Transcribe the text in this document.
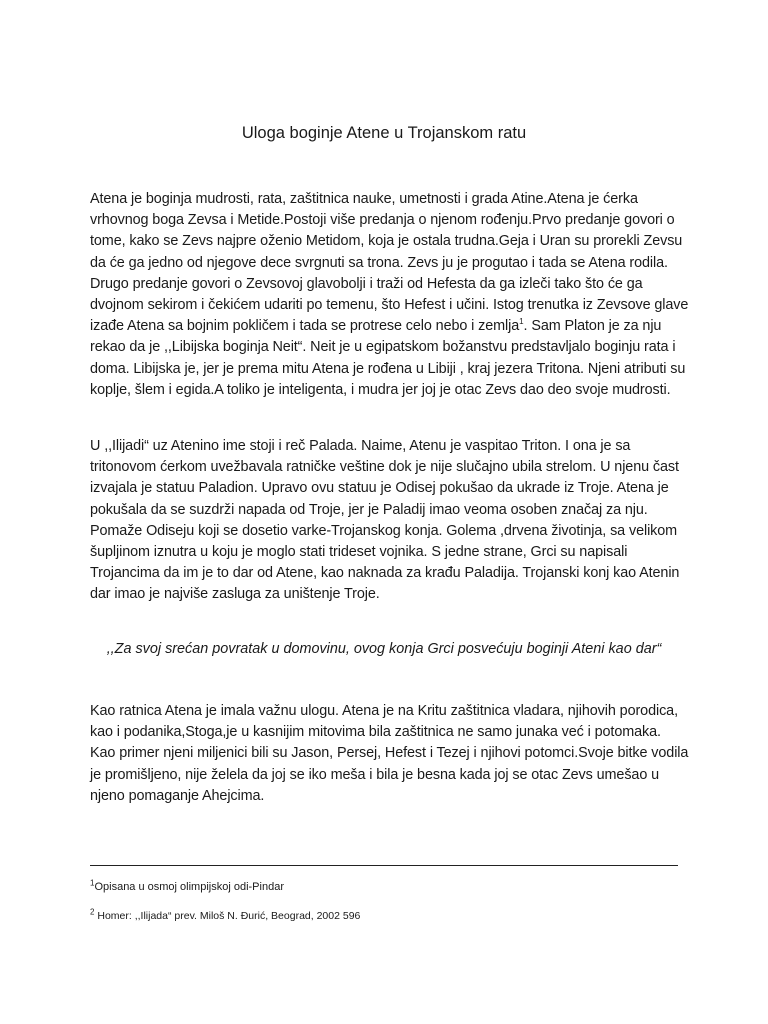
Uloga boginje Atene u Trojanskom ratu

Atena je boginja mudrosti, rata, zaštitnica nauke, umetnosti i grada Atine.Atena je ćerka vrhovnog boga Zevsa i Metide.Postoji više predanja o njenom rođenju.Prvo predanje govori o tome, kako se Zevs najpre oženio Metidom, koja je ostala trudna.Geja i Uran su prorekli Zevsu da će ga jedno od njegove dece svrgnuti sa trona. Zevs ju je progutao i tada se Atena rodila. Drugo predanje govori o Zevsovoj glavobolji i traži od Hefesta da ga izleči tako što će ga dvojnom sekirom i čekićem udariti po temenu, što Hefest i učini. Istog trenutka iz Zevsove glave izađe Atena sa bojnim pokličem i tada se protrese celo nebo i zemlja$^1$. Sam Platon je za nju rekao da je ,,Libijska boginja Neit“. Neit je u egipatskom božanstvu predstavljalo boginju rata i doma. Libijska je, jer je prema mitu Atena je rođena u Libiji , kraj jezera Tritona. Njeni atributi su koplje, šlem i egida.A toliko je inteligenta, i mudra jer joj je otac Zevs dao deo svoje mudrosti.

U ,,Ilijadi“ uz Atenino ime stoji i reč Palada. Naime, Atenu je vaspitao Triton. I ona je sa tritonovom ćerkom uvežbavala ratničke veštine dok je nije slučajno ubila strelom. U njenu čast izvajala je statuu Paladion. Upravo ovu statuu je Odisej pokušao da ukrade iz Troje. Atena je pokušala da se suzdrži napada od Troje, jer je Paladij imao veoma osoben značaj za nju. Pomaže Odiseju koji se dosetio varke-Trojanskog konja. Golema ,drvena životinja, sa velikom šupljinom iznutra u koju je moglo stati trideset vojnika. S jedne strane, Grci su napisali Trojancima da im je to dar od Atene, kao naknada za krađu Paladija. Trojanski konj kao Atenin dar imao je najviše zasluga za uništenje Troje.

,,Za svoj srećan povratak u domovinu, ovog konja Grci posvećuju boginji Ateni kao dar“

Kao ratnica Atena je imala važnu ulogu. Atena je na Kritu zaštitnica vladara, njihovih porodica, kao i podanika,Stoga,je u kasnijim mitovima bila zaštitnica ne samo junaka već i potomaka. Kao primer njeni miljenici bili su Jason, Persej, Hefest i Tezej i njihovi potomci.Svoje bitke vodila je promišljeno, nije želela da joj se iko meša i bila je besna kada joj se otac Zevs umešao u njeno pomaganje Ahejcima.

$^1$Opisana u osmoj olimpijskoj odi-Pindar
$^2$ Homer: ,,Ilijada“ prev. Miloš N. Đurić, Beograd, 2002 596
